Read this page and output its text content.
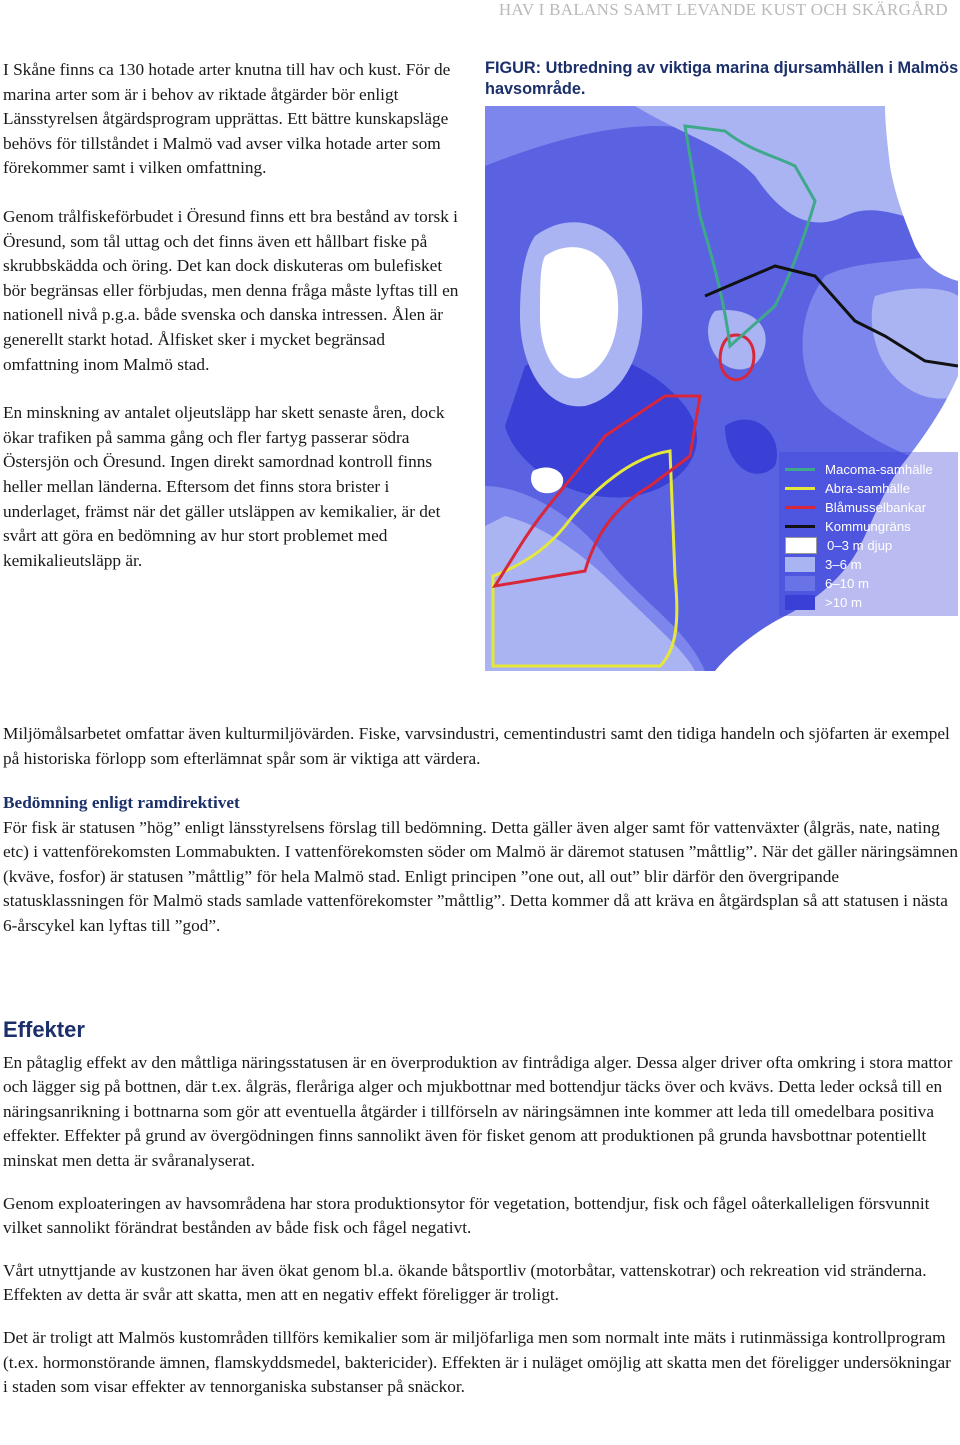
HAV I BALANS SAMT LEVANDE KUST OCH SKÄRGÅRD

I Skåne finns ca 130 hotade arter knutna till hav och kust. För de marina arter som är i behov av riktade åtgärder bör enligt Länsstyrelsen åtgärdsprogram upprättas. Ett bättre kunskapsläge behövs för tillståndet i Malmö vad avser vilka hotade arter som förekommer samt i vilken omfattning.

Genom trålfiskeförbudet i Öresund finns ett bra bestånd av torsk i Öresund, som tål uttag och det finns även ett hållbart fiske på skrubbskädda och öring. Det kan dock diskuteras om bulefisket bör begränsas eller förbjudas, men denna fråga måste lyftas till en nationell nivå p.g.a. både svenska och danska intressen. Ålen är generellt starkt hotad. Ålfisket sker i mycket begränsad omfattning inom Malmö stad.

En minskning av antalet oljeutsläpp har skett senaste åren, dock ökar trafiken på samma gång och fler fartyg passerar södra Östersjön och Öresund. Ingen direkt samordnad kontroll finns heller mellan länderna. Eftersom det finns stora brister i underlaget, främst när det gäller utsläppen av kemikalier, är det svårt att göra en bedömning av hur stort problemet med kemikalieutsläpp är.

FIGUR: Utbredning av viktiga marina djursamhällen i Malmös havsområde.

Macoma-samhälle
Abra-samhälle
Blåmusselbankar
Kommungräns
0–3 m djup
3–6 m
6–10 m
>10 m

Miljömålsarbetet omfattar även kulturmiljövärden. Fiske, varvsindustri, cementindustri samt den tidiga handeln och sjöfarten är exempel på historiska förlopp som efterlämnat spår som är viktiga att värdera.

Bedömning enligt ramdirektivet

För fisk är statusen ”hög” enligt länsstyrelsens förslag till bedömning. Detta gäller även alger samt för vattenväxter (ålgräs, nate, nating etc) i vattenförekomsten Lommabukten. I vattenförekomsten söder om Malmö är däremot statusen ”måttlig”. När det gäller näringsämnen (kväve, fosfor) är statusen ”måttlig” för hela Malmö stad. Enligt principen ”one out, all out” blir därför den övergripande statusklassningen för Malmö stads samlade vattenförekomster ”måttlig”. Detta kommer då att kräva en åtgärdsplan så att statusen i nästa 6-årscykel kan lyftas till ”god”.

Effekter

En påtaglig effekt av den måttliga näringsstatusen är en överproduktion av fintrådiga alger. Dessa alger driver ofta omkring i stora mattor och lägger sig på bottnen, där t.ex. ålgräs, fleråriga alger och mjukbottnar med bottendjur täcks över och kvävs. Detta leder också till en näringsanrikning i bottnarna som gör att eventuella åtgärder i tillförseln av näringsämnen inte kommer att leda till omedelbara positiva effekter. Effekter på grund av övergödningen finns sannolikt även för fisket genom att produktionen på grunda havsbottnar potentiellt minskat men detta är svåranalyserat.

Genom exploateringen av havsområdena har stora produktionsytor för vegetation, bottendjur, fisk och fågel oåterkalleligen försvunnit vilket sannolikt förändrat bestånden av både fisk och fågel negativt.

Vårt utnyttjande av kustzonen har även ökat genom bl.a. ökande båtsportliv (motorbåtar, vattenskotrar) och rekreation vid stränderna. Effekten av detta är svår att skatta, men att en negativ effekt föreligger är troligt.

Det är troligt att Malmös kustområden tillförs kemikalier som är miljöfarliga men som normalt inte mäts i rutinmässiga kontrollprogram (t.ex. hormonstörande ämnen, flamskyddsmedel, baktericider). Effekten är i nuläget omöjlig att skatta men det föreligger undersökningar i staden som visar effekter av tennorganiska substanser på snäckor.
